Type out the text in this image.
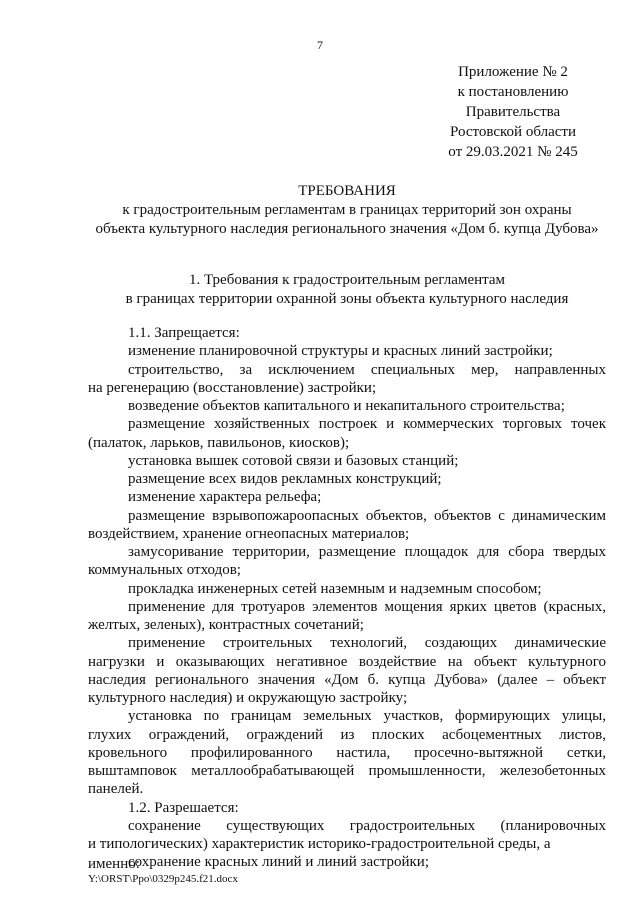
7
Приложение № 2
к постановлению
Правительства
Ростовской области
от 29.03.2021 № 245
ТРЕБОВАНИЯ
к градостроительным регламентам в границах территорий зон охраны
объекта культурного наследия регионального значения «Дом б. купца Дубова»
1. Требования к градостроительным регламентам
в границах территории охранной зоны объекта культурного наследия
1.1. Запрещается:
изменение планировочной структуры и красных линий застройки;
строительство, за исключением специальных мер, направленных
на регенерацию (восстановление) застройки;
возведение объектов капитального и некапитального строительства;
размещение хозяйственных построек и коммерческих торговых точек
(палаток, ларьков, павильонов, киосков);
установка вышек сотовой связи и базовых станций;
размещение всех видов рекламных конструкций;
изменение характера рельефа;
размещение взрывопожароопасных объектов, объектов с динамическим
воздействием, хранение огнеопасных материалов;
замусоривание территории, размещение площадок для сбора твердых
коммунальных отходов;
прокладка инженерных сетей наземным и надземным способом;
применение для тротуаров элементов мощения ярких цветов (красных,
желтых, зеленых), контрастных сочетаний;
применение строительных технологий, создающих динамические
нагрузки и оказывающих негативное воздействие на объект культурного
наследия регионального значения «Дом б. купца Дубова» (далее – объект
культурного наследия) и окружающую застройку;
установка по границам земельных участков, формирующих улицы,
глухих ограждений, ограждений из плоских асбоцементных листов,
кровельного профилированного настила, просечно-вытяжной сетки,
выштамповок металлообрабатывающей промышленности, железобетонных
панелей.
1.2. Разрешается:
сохранение существующих градостроительных (планировочных
и типологических) характеристик историко-градостроительной среды, а именно:
сохранение красных линий и линий застройки;
Y:\ORST\Ppo\0329p245.f21.docx
